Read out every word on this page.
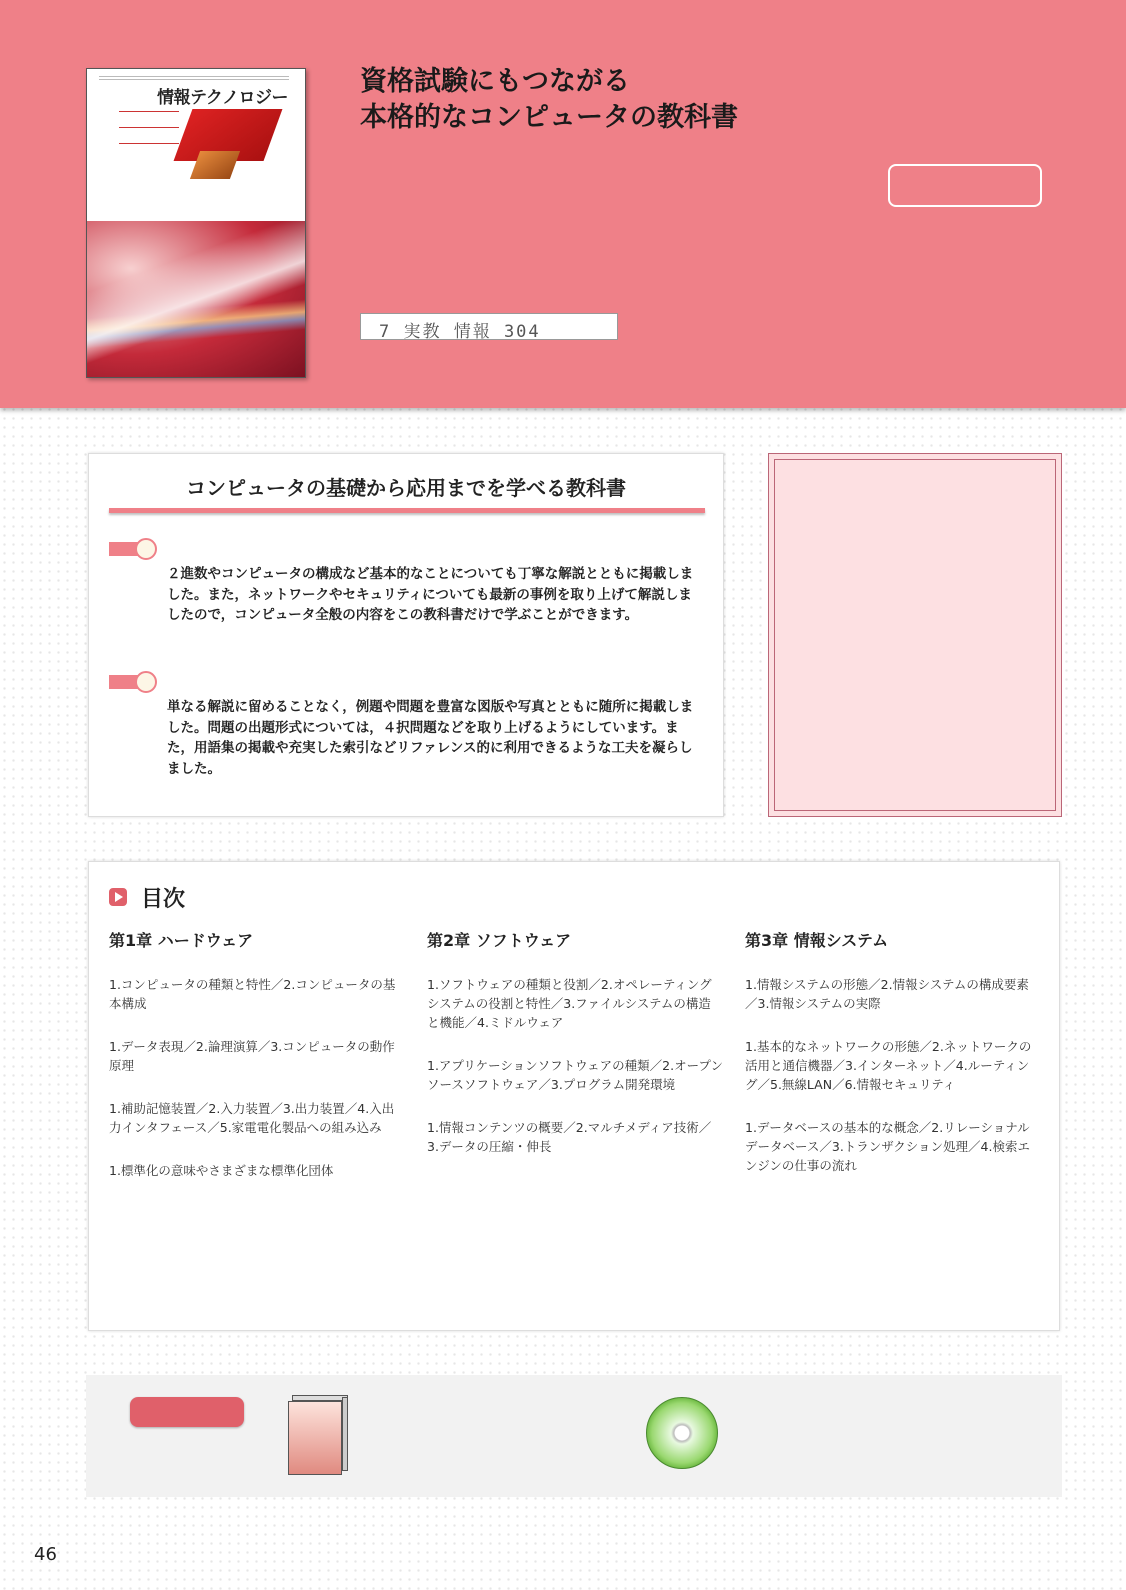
情報テクノロジー
資格試験にもつながる
本格的なコンピュータの教科書
7 実教 情報 304
コンピュータの基礎から応用までを学べる教科書
２進数やコンピュータの構成など基本的なことについても丁寧な解説とともに掲載しました。また，ネットワークやセキュリティについても最新の事例を取り上げて解説しましたので，コンピュータ全般の内容をこの教科書だけで学ぶことができます。
単なる解説に留めることなく，例題や問題を豊富な図版や写真とともに随所に掲載しました。問題の出題形式については，４択問題などを取り上げるようにしています。また，用語集の掲載や充実した索引などリファレンス的に利用できるような工夫を凝らしました。
目次
第1章 ハードウェア

1.コンピュータの種類と特性／2.コンピュータの基本構成

1.データ表現／2.論理演算／3.コンピュータの動作原理

1.補助記憶装置／2.入力装置／3.出力装置／4.入出力インタフェース／5.家電電化製品への組み込み

1.標準化の意味やさまざまな標準化団体

第2章 ソフトウェア

1.ソフトウェアの種類と役割／2.オペレーティングシステムの役割と特性／3.ファイルシステムの構造と機能／4.ミドルウェア

1.アプリケーションソフトウェアの種類／2.オープンソースソフトウェア／3.プログラム開発環境

1.情報コンテンツの概要／2.マルチメディア技術／3.データの圧縮・伸長

第3章 情報システム

1.情報システムの形態／2.情報システムの構成要素／3.情報システムの実際

1.基本的なネットワークの形態／2.ネットワークの活用と通信機器／3.インターネット／4.ルーティング／5.無線LAN／6.情報セキュリティ

1.データベースの基本的な概念／2.リレーショナルデータベース／3.トランザクション処理／4.検索エンジンの仕事の流れ

46
